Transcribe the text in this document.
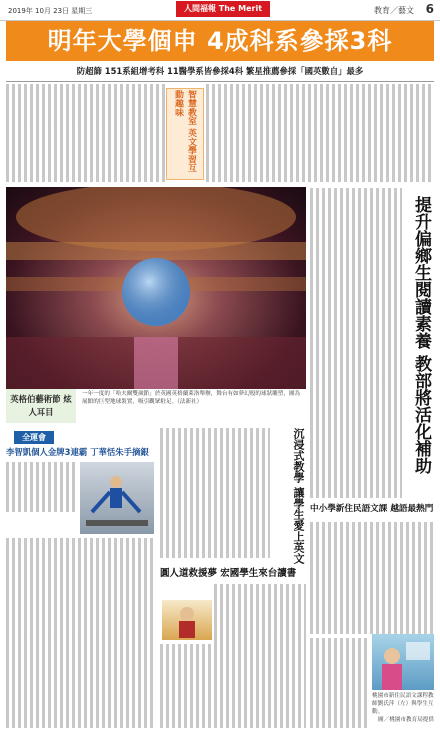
2019年 10月 23日 星期三	人間福報 The Merit	教育／藝文 6
明年大學個申 4成科系參採3科
防超篩 151系組增考科 11醫學系皆參採4科 繁星推薦參採「國英數自」最多
智慧教室 英文學習互動趣味
英格伯藝術節 炫人耳目
一年一度的「哈夫爾雙歲節」於英國英格蘭萊洛舉辦，舞台有如夢幻般的球狀雕塑，圖為展館的巨型地球裝置，吸引觀眾駐足。（法新社）	提升偏鄉生閱讀素養 教部將活化補助
全運會
李智凱個人金牌3連霸 丁華恬朱手摘銀	沉浸式教學 讓學生愛上英文
圓人道救援夢 宏國學生來台讀書
中小學新住民語文課 越語最熱門
桃園市新住民語文課程教師劉氏萍（左）與學生互動。
圖／桃園市教育局提供
